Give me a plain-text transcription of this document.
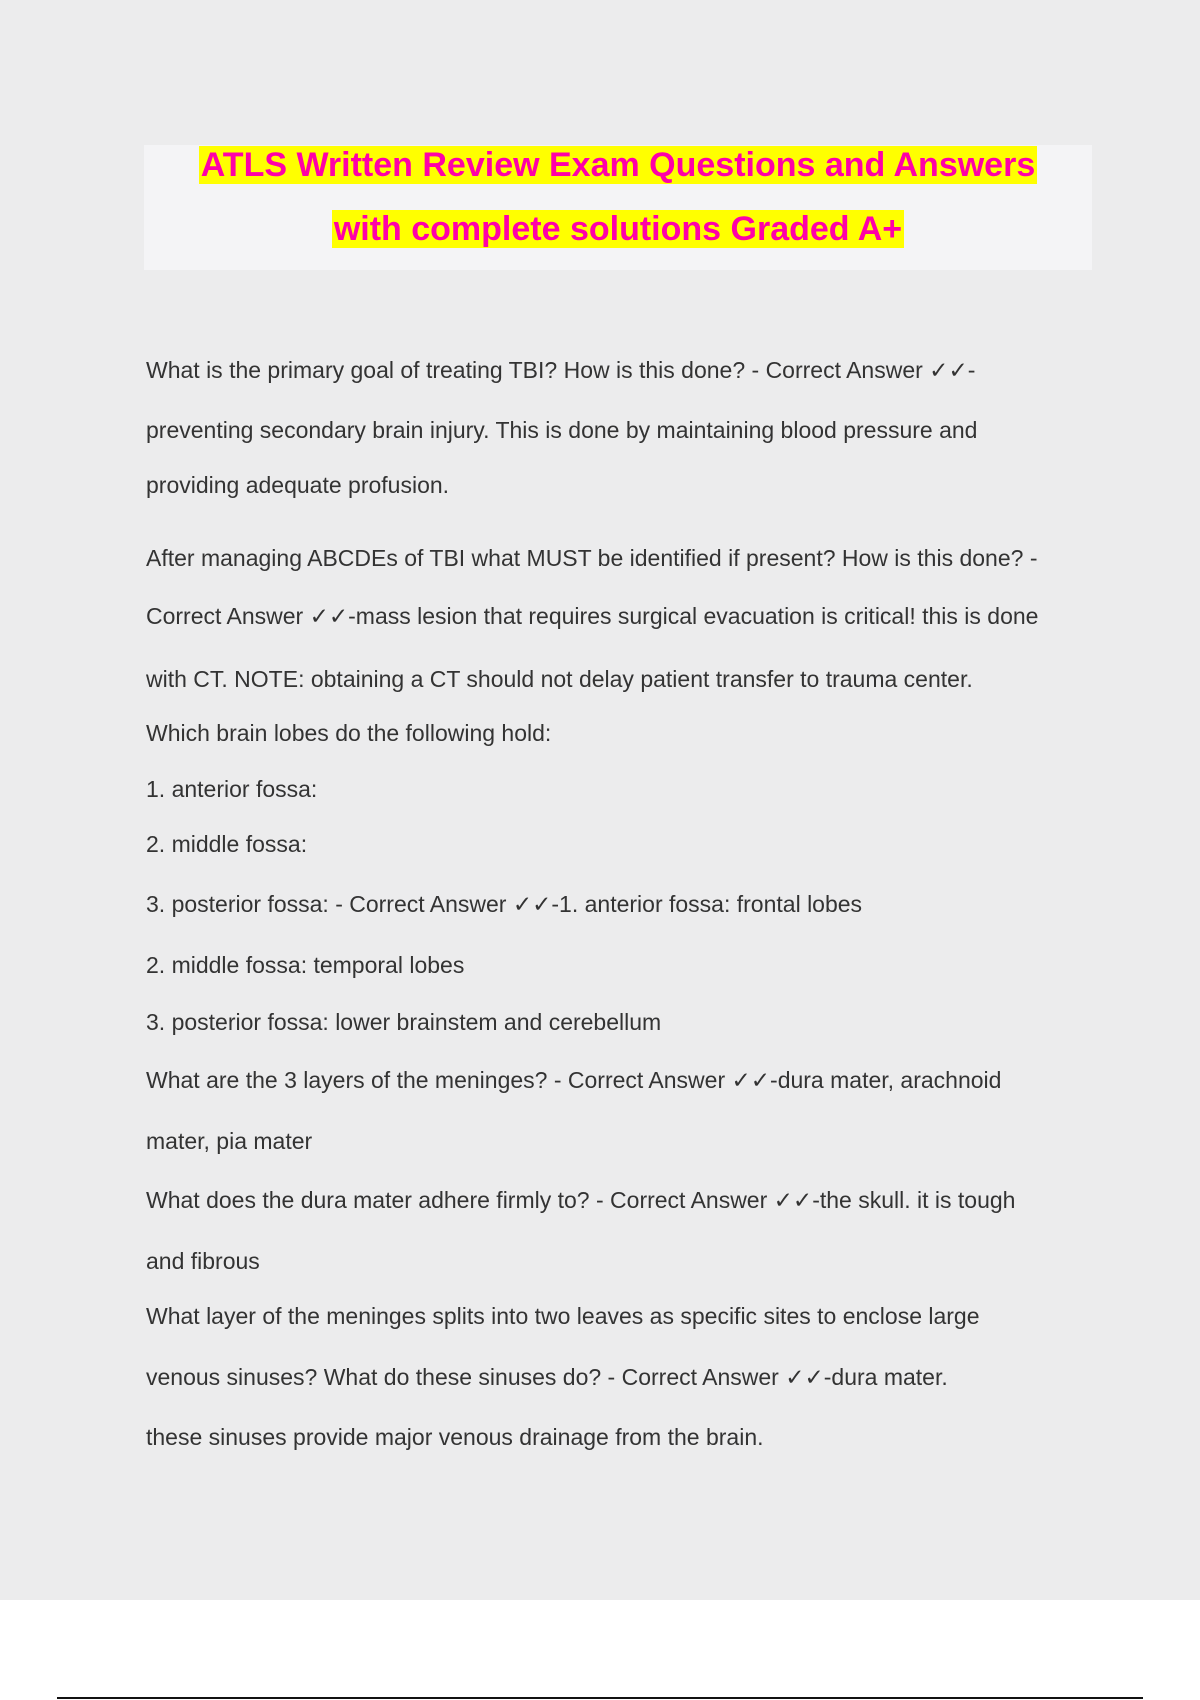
ATLS Written Review Exam Questions and Answers
with complete solutions Graded A+
What is the primary goal of treating TBI? How is this done? - Correct Answer ✓✓-
preventing secondary brain injury. This is done by maintaining blood pressure and
providing adequate profusion.
After managing ABCDEs of TBI what MUST be identified if present? How is this done? -
Correct Answer ✓✓-mass lesion that requires surgical evacuation is critical! this is done
with CT. NOTE: obtaining a CT should not delay patient transfer to trauma center.
Which brain lobes do the following hold:
1. anterior fossa:
2. middle fossa:
3. posterior fossa: - Correct Answer ✓✓-1. anterior fossa: frontal lobes
2. middle fossa: temporal lobes
3. posterior fossa: lower brainstem and cerebellum
What are the 3 layers of the meninges? - Correct Answer ✓✓-dura mater, arachnoid
mater, pia mater
What does the dura mater adhere firmly to? - Correct Answer ✓✓-the skull. it is tough
and fibrous
What layer of the meninges splits into two leaves as specific sites to enclose large
venous sinuses? What do these sinuses do? - Correct Answer ✓✓-dura mater.
these sinuses provide major venous drainage from the brain.
